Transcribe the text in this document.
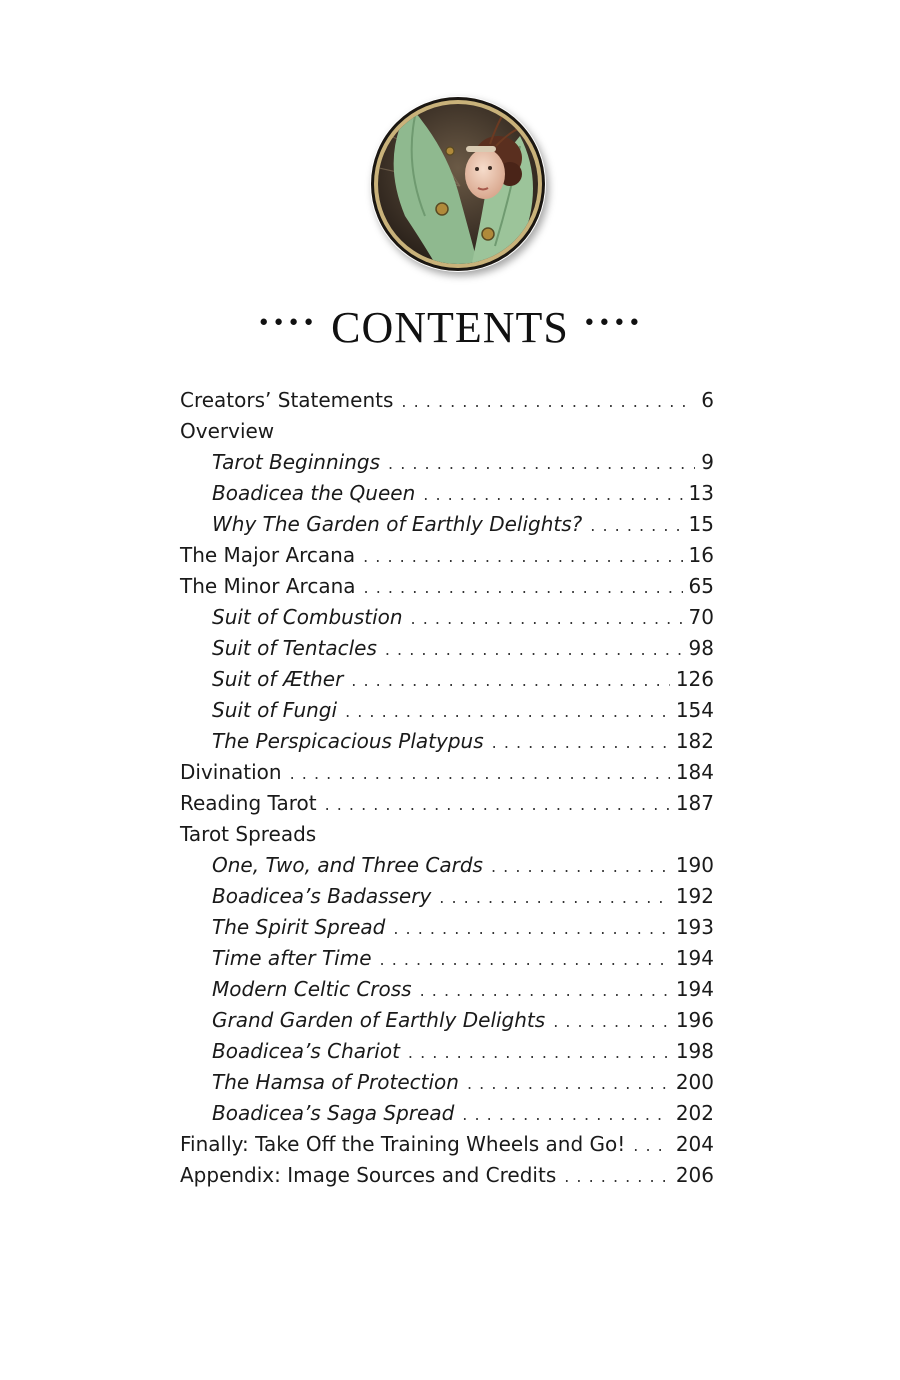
•••• CONTENTS ••••
Creators’ Statements . . .	6
Overview
Tarot Beginnings . . .	9
Boadicea the Queen . . .	13
Why The Garden of Earthly Delights? . . .	15
The Major Arcana . . .	16
The Minor Arcana . . .	65
Suit of Combustion . . .	70
Suit of Tentacles . . .	98
Suit of Æther . . .	126
Suit of Fungi . . .	154
The Perspicacious Platypus . . .	182
Divination . . .	184
Reading Tarot . . .	187
Tarot Spreads
One, Two, and Three Cards . . .	190
Boadicea’s Badassery . . .	192
The Spirit Spread . . .	193
Time after Time . . .	194
Modern Celtic Cross . . .	194
Grand Garden of Earthly Delights . . .	196
Boadicea’s Chariot . . .	198
The Hamsa of Protection . . .	200
Boadicea’s Saga Spread . . .	202
Finally: Take Off the Training Wheels and Go! . . .	204
Appendix: Image Sources and Credits . . .	206
